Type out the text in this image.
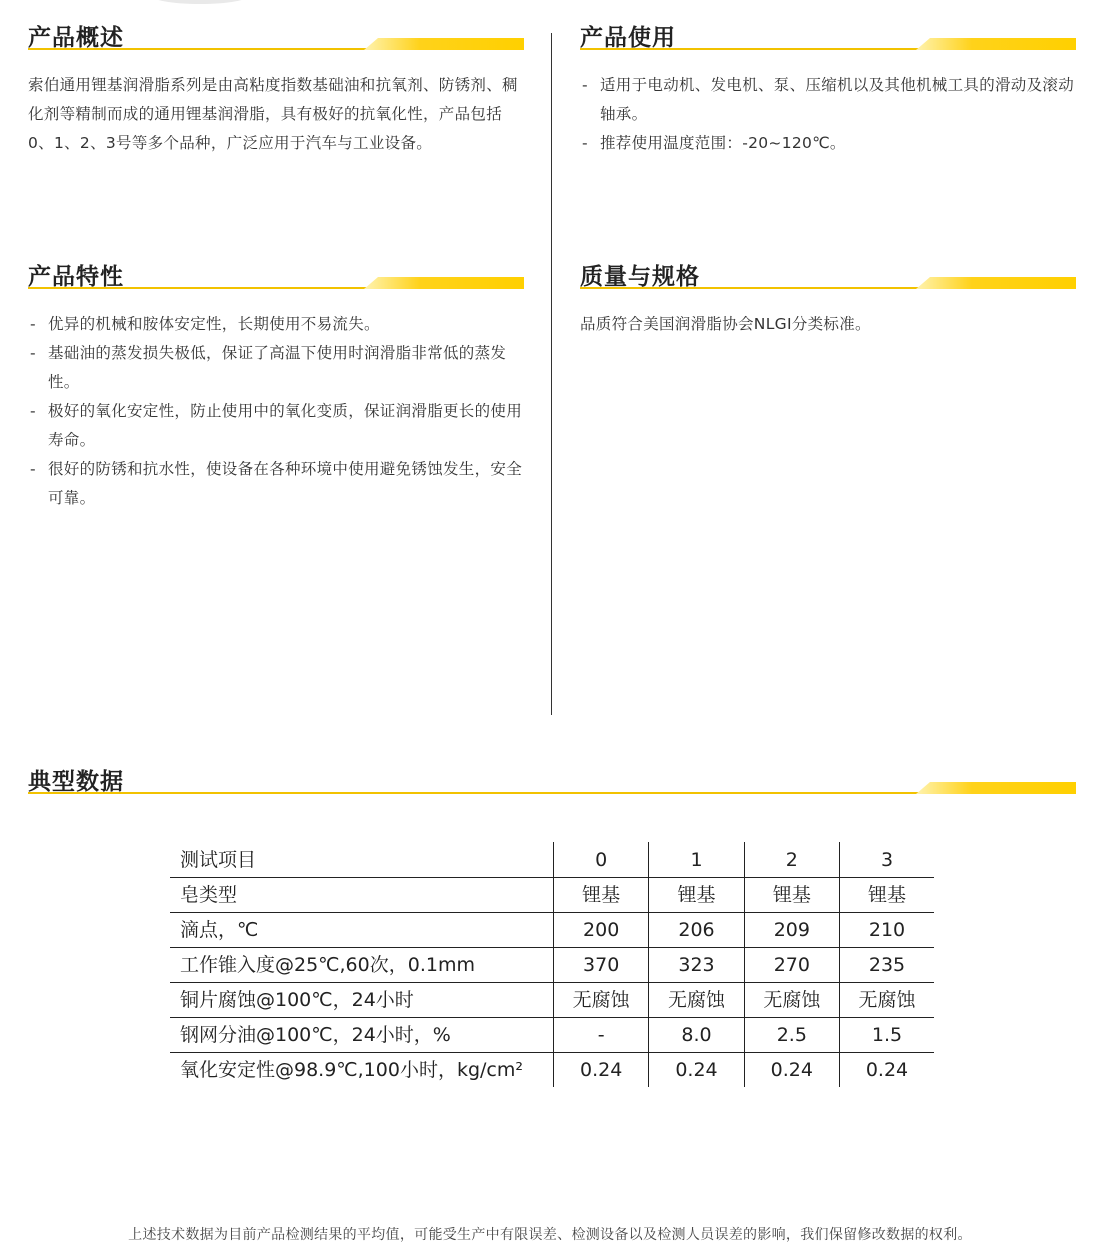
产品概述
索伯通用锂基润滑脂系列是由高粘度指数基础油和抗氧剂、防锈剂、稠化剂等精制而成的通用锂基润滑脂，具有极好的抗氧化性，产品包括0、1、2、3号等多个品种，广泛应用于汽车与工业设备。
产品使用
- 适用于电动机、发电机、泵、压缩机以及其他机械工具的滑动及滚动轴承。
- 推荐使用温度范围：-20~120℃。
产品特性
- 优异的机械和胺体安定性，长期使用不易流失。
- 基础油的蒸发损失极低，保证了高温下使用时润滑脂非常低的蒸发性。
- 极好的氧化安定性，防止使用中的氧化变质，保证润滑脂更长的使用寿命。
- 很好的防锈和抗水性，使设备在各种环境中使用避免锈蚀发生，安全可靠。
质量与规格
品质符合美国润滑脂协会NLGI分类标准。
典型数据
测试项目	0	1	2	3
皂类型	锂基	锂基	锂基	锂基
滴点，℃	200	206	209	210
工作锥入度@25℃,60次，0.1mm	370	323	270	235
铜片腐蚀@100℃，24小时	无腐蚀	无腐蚀	无腐蚀	无腐蚀
钢网分油@100℃，24小时，%	-	8.0	2.5	1.5
氧化安定性@98.9℃,100小时，kg/cm²	0.24	0.24	0.24	0.24
上述技术数据为目前产品检测结果的平均值，可能受生产中有限误差、检测设备以及检测人员误差的影响，我们保留修改数据的权利。
